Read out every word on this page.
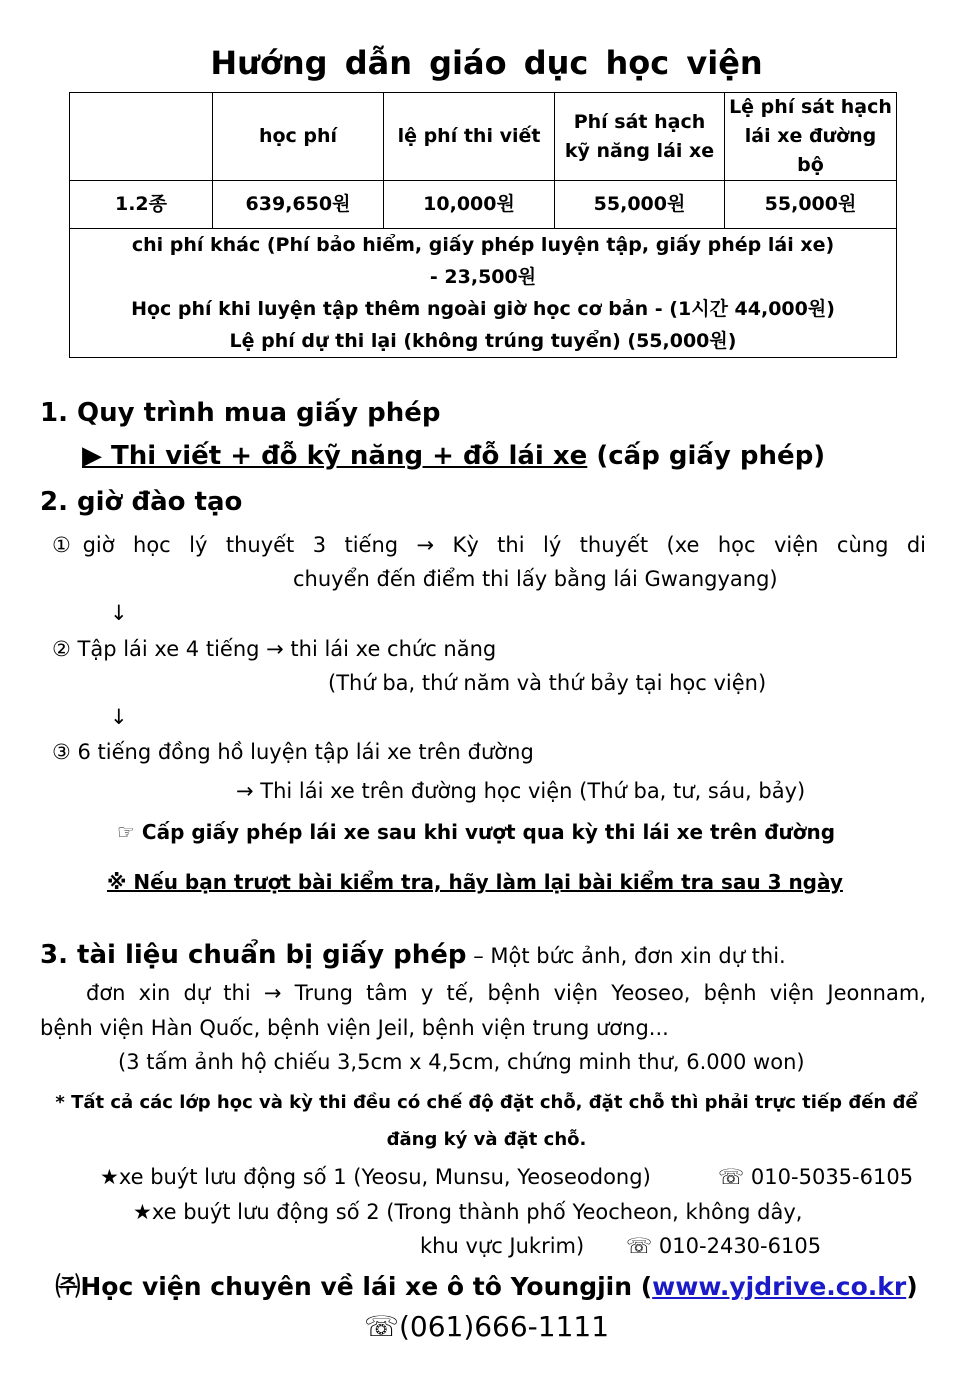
Hướng dẫn giáo dục học viện
	học phí	lệ phí thi viết	Phí sát hạch kỹ năng lái xe	Lệ phí sát hạch lái xe đường bộ
1.2종	639,650원	10,000원	55,000원	55,000원

chi phí khác (Phí bảo hiểm, giấy phép luyện tập, giấy phép lái xe)
- 23,500원
Học phí khi luyện tập thêm ngoài giờ học cơ bản - (1시간 44,000원)
Lệ phí dự thi lại (không trúng tuyển) (55,000원)				
1. Quy trình mua giấy phép
▶ Thi viết + đỗ kỹ năng + đỗ lái xe (cấp giấy phép)
2. giờ đào tạo
①giờ học lý thuyết 3 tiếng → Kỳ thi lý thuyết (xe học viện cùng di
chuyển đến điểm thi lấy bằng lái Gwangyang)
↓
② Tập lái xe 4 tiếng → thi lái xe chức năng
(Thứ ba, thứ năm và thứ bảy tại học viện)
↓
③ 6 tiếng đồng hồ luyện tập lái xe trên đường
→ Thi lái xe trên đường học viện (Thứ ba, tư, sáu, bảy)
☞ Cấp giấy phép lái xe sau khi vượt qua kỳ thi lái xe trên đường
※ Nếu bạn trượt bài kiểm tra, hãy làm lại bài kiểm tra sau 3 ngày
3. tài liệu chuẩn bị giấy phép – Một bức ảnh, đơn xin dự thi.
đơn xin dự thi → Trung tâm y tế, bệnh viện Yeoseo, bệnh viện Jeonnam,
bệnh viện Hàn Quốc, bệnh viện Jeil, bệnh viện trung ương...
(3 tấm ảnh hộ chiếu 3,5cm x 4,5cm, chứng minh thư, 6.000 won)
* Tất cả các lớp học và kỳ thi đều có chế độ đặt chỗ, đặt chỗ thì phải trực tiếp đến để
đăng ký và đặt chỗ.
★xe buýt lưu động số 1 (Yeosu, Munsu, Yeoseodong)	☏ 010-5035-6105
★xe buýt lưu động số 2 (Trong thành phố Yeocheon, không dây,
khu vực Jukrim) ☏ 010-2430-6105
㈜Học viện chuyên về lái xe ô tô Youngjin (www.yjdrive.co.kr)
☏(061)666-1111
